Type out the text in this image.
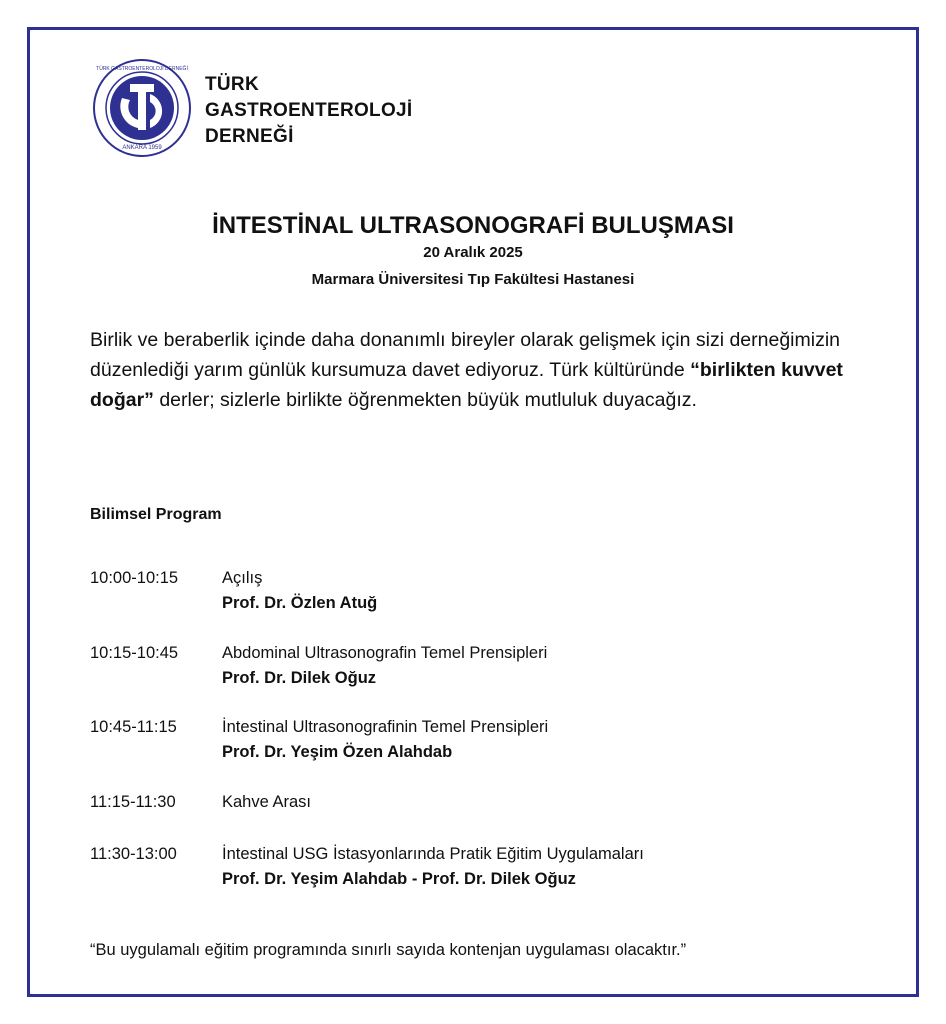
ANKARA 1959
TÜRK GASTROENTEROLOJİ DERNEĞİ
TÜRK
GASTROENTEROLOJİ
DERNEĞİ
İNTESTİNAL ULTRASONOGRAFİ BULUŞMASI
20 Aralık 2025
Marmara Üniversitesi Tıp Fakültesi Hastanesi
Birlik ve beraberlik içinde daha donanımlı bireyler olarak gelişmek için sizi derneğimizin düzenlediği yarım günlük kursumuza davet ediyoruz. Türk kültüründe “birlikten kuvvet doğar” derler; sizlerle birlikte öğrenmekten büyük mutluluk duyacağız.
Bilimsel Program
10:00-10:15	Açılış
Prof. Dr. Özlen Atuğ
10:15-10:45	Abdominal Ultrasonografin Temel Prensipleri
Prof. Dr. Dilek Oğuz
10:45-11:15	İntestinal Ultrasonografinin Temel Prensipleri
Prof. Dr. Yeşim Özen Alahdab
11:15-11:30	Kahve Arası
11:30-13:00	İntestinal USG İstasyonlarında Pratik Eğitim Uygulamaları
Prof. Dr. Yeşim Alahdab - Prof. Dr. Dilek Oğuz
“Bu uygulamalı eğitim programında sınırlı sayıda kontenjan uygulaması olacaktır.”
